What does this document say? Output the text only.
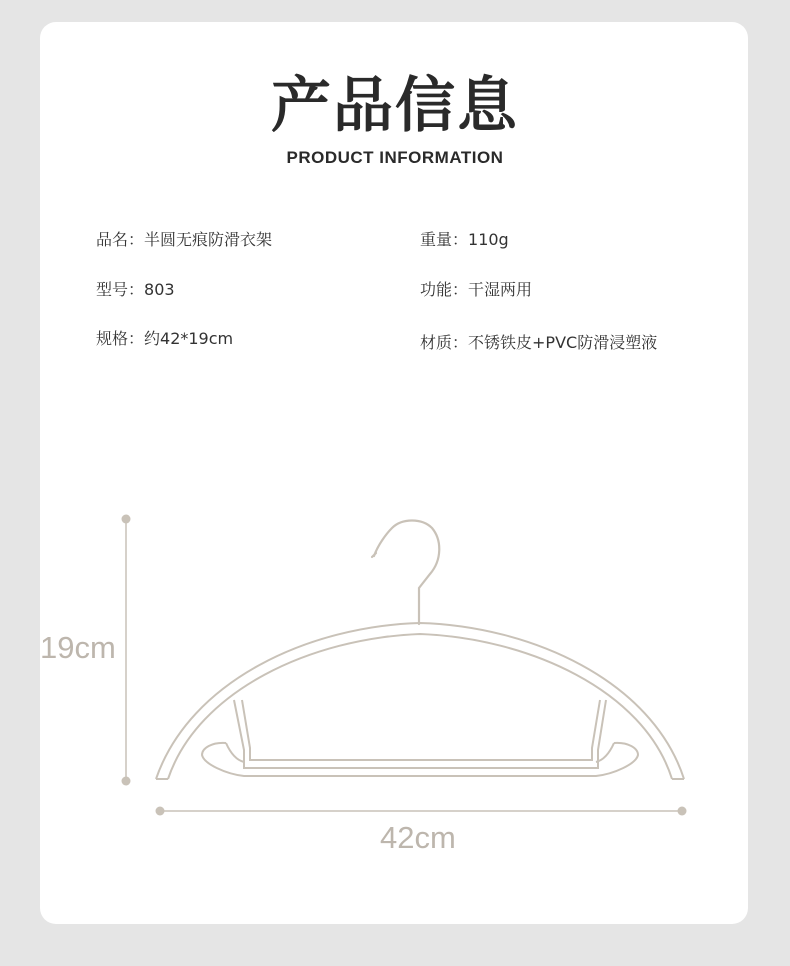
产品信息
PRODUCT INFORMATION
品名：半圆无痕防滑衣架
型号：803
规格：约42*19cm
重量：110g
功能：干湿两用
材质：不锈铁皮+PVC防滑浸塑液
19cm
42cm
